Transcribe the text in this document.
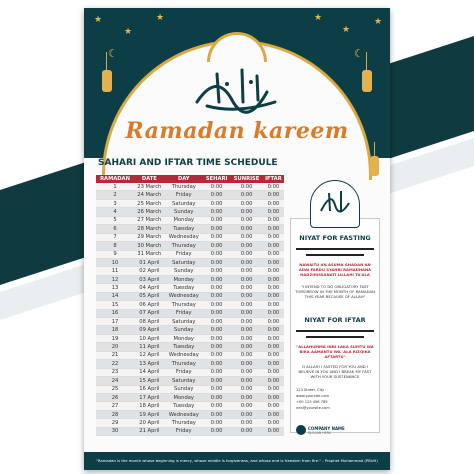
★
★
☾
★	★
☾
★
★
Ramadan kareem
SAHARI AND IFTAR TIME SCHEDULE
RAMADAN	DATE	DAY	SEHARI	SUNRISE	IFTAR
1	23 March	Thursday	0:00	0:00	0:00
2	24 March	Friday	0:00	0:00	0:00
3	25 March	Saturday	0:00	0:00	0:00
4	26 March	Sunday	0:00	0:00	0:00
5	27 March	Monday	0:00	0:00	0:00
6	28 March	Tuesday	0:00	0:00	0:00
7	29 March	Wednesday	0:00	0:00	0:00
8	30 March	Thursday	0:00	0:00	0:00
9	31 March	Friday	0:00	0:00	0:00
10	01 April	Saturday	0:00	0:00	0:00
11	02 April	Sunday	0:00	0:00	0:00
12	03 April	Monday	0:00	0:00	0:00
13	04 April	Tuesday	0:00	0:00	0:00
14	05 April	Wednesday	0:00	0:00	0:00
15	06 April	Thursday	0:00	0:00	0:00
16	07 April	Friday	0:00	0:00	0:00
17	08 April	Saturday	0:00	0:00	0:00
18	09 April	Sunday	0:00	0:00	0:00
19	10 April	Monday	0:00	0:00	0:00
20	11 April	Tuesday	0:00	0:00	0:00
21	12 April	Wednesday	0:00	0:00	0:00
22	13 April	Thursday	0:00	0:00	0:00
23	14 April	Friday	0:00	0:00	0:00
24	15 April	Saturday	0:00	0:00	0:00
25	16 April	Sunday	0:00	0:00	0:00
26	17 April	Monday	0:00	0:00	0:00
27	18 April	Tuesday	0:00	0:00	0:00
28	19 April	Wednesday	0:00	0:00	0:00
29	20 April	Thursday	0:00	0:00	0:00
30	21 April	Friday	0:00	0:00	0:00
NIYAT FOR FASTING
NAWAITU AN ASUMA GHADAN AN ADAI FARDU SYAHRI RAMADHANA HADZIHISSANATI LILLAHI TA'ALA
"I INTEND TO DO OBLIGATORY FAST TOMORROW IN THE MONTH OF RAMADAN THIS YEAR BECAUSE OF ALLAH"
NIYAT FOR IFTAR
"ALLAHUMMA INNI LAKA SUMTU WA BIKA AAMANTU WA 'ALA RIZQIKA AFTARTU"
O ALLAH! I FASTED FOR YOU AND I BELIEVE IN YOU AND I BREAK MY FAST WITH YOUR SUSTENANCE
123 Street, City
www.yoursite.com
+00 123 456 789
info@yoursite.com
COMPANY NAME
SLOGAN HERE
"Ramadan is the month whose beginning is mercy, whose middle is forgiveness, and whose end is freedom from fire." - Prophet Muhammad (PBUH)
